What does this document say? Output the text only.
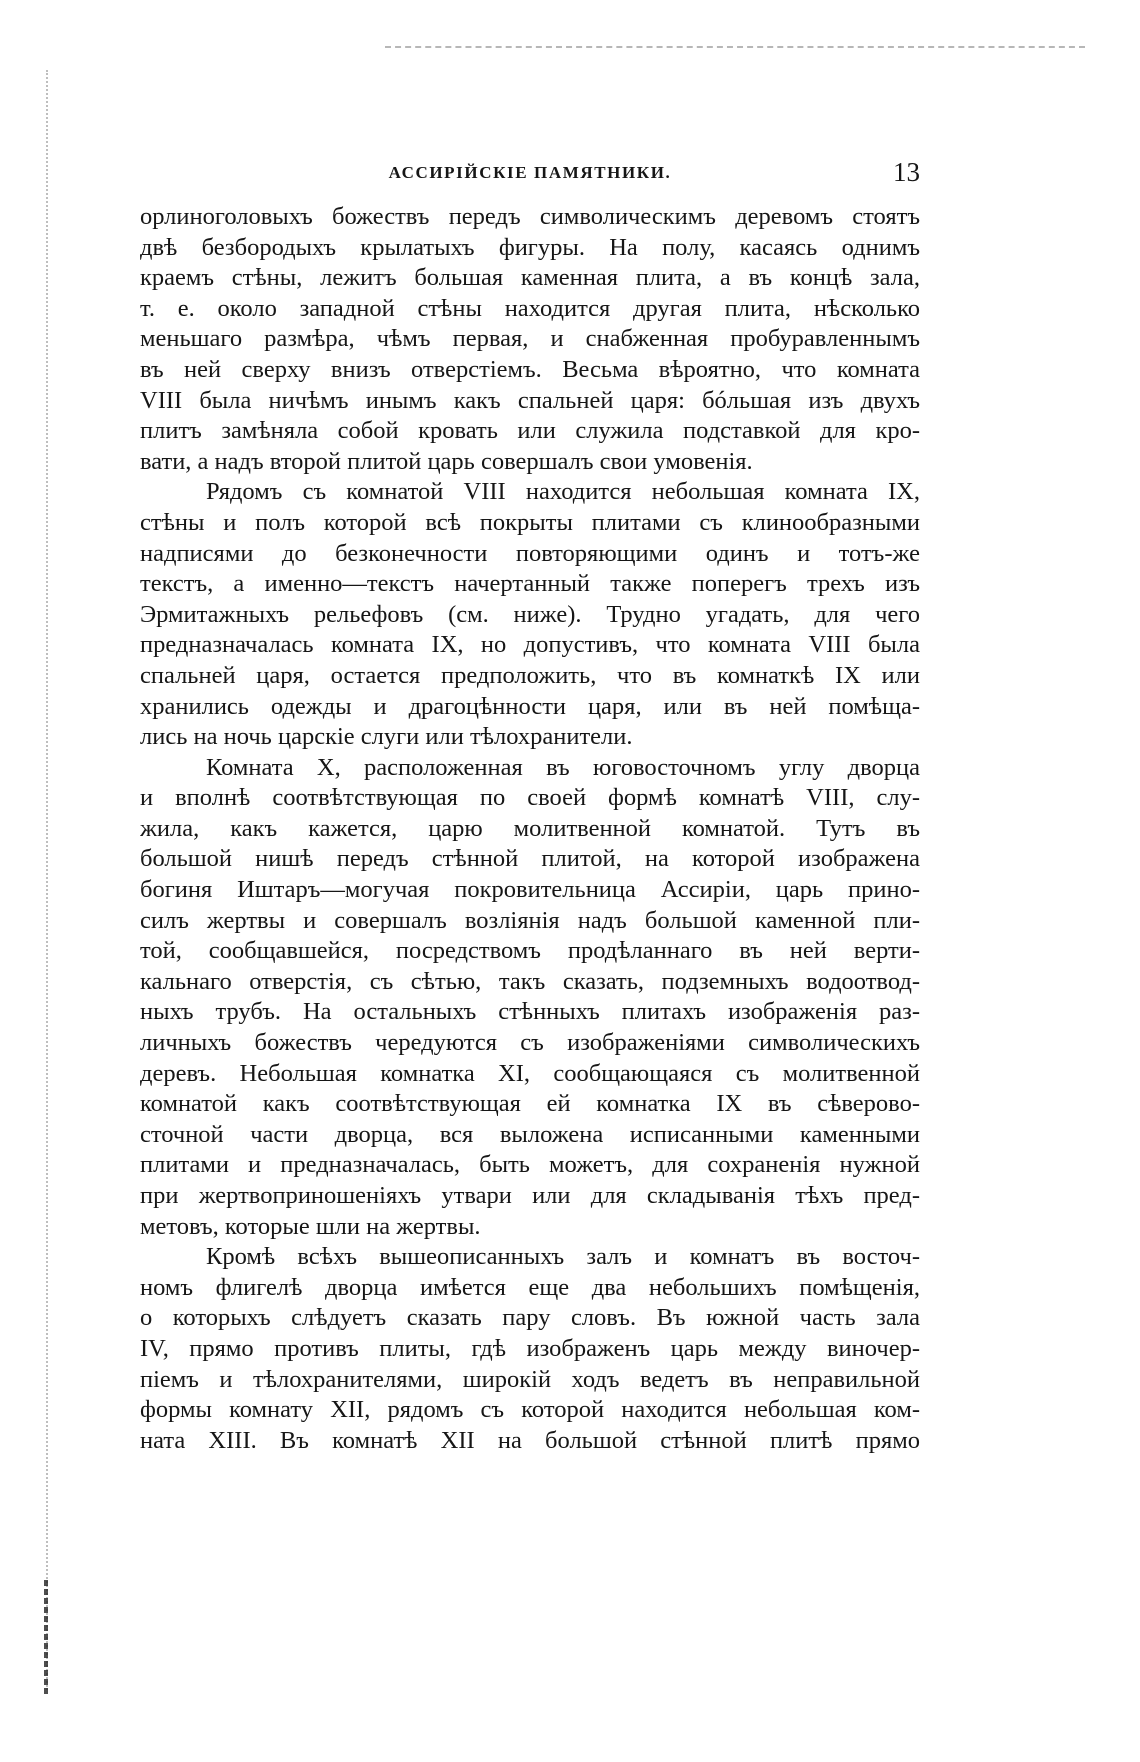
АССИРІЙСКІЕ ПАМЯТНИКИ.	13
орлиноголовыхъ божествъ передъ символическимъ деревомъ стоятъ
двѣ безбородыхъ крылатыхъ фигуры. На полу, касаясь однимъ
краемъ стѣны, лежитъ большая каменная плита, а въ концѣ зала,
т. е. около западной стѣны находится другая плита, нѣсколько
меньшаго размѣра, чѣмъ первая, и снабженная пробуравленнымъ
въ ней сверху внизъ отверстіемъ. Весьма вѣроятно, что комната
VIII была ничѣмъ инымъ какъ спальней царя: бóльшая изъ двухъ
плитъ замѣняла собой кровать или служила подставкой для кро-
вати, а надъ второй плитой царь совершалъ свои умовенія.
Рядомъ съ комнатой VIII находится небольшая комната IX,
стѣны и полъ которой всѣ покрыты плитами съ клинообразными
надписями до безконечности повторяющими одинъ и тотъ-же
текстъ, а именно—текстъ начертанный также поперегъ трехъ изъ
Эрмитажныхъ рельефовъ (см. ниже). Трудно угадать, для чего
предназначалась комната IX, но допустивъ, что комната VIII была
спальней царя, остается предположить, что въ комнаткѣ IX или
хранились одежды и драгоцѣнности царя, или въ ней помѣща-
лись на ночь царскіе слуги или тѣлохранители.
Комната X, расположенная въ юговосточномъ углу дворца
и вполнѣ соотвѣтствующая по своей формѣ комнатѣ VIII, слу-
жила, какъ кажется, царю молитвенной комнатой. Тутъ въ
большой нишѣ передъ стѣнной плитой, на которой изображена
богиня Иштаръ—могучая покровительница Ассиріи, царь прино-
силъ жертвы и совершалъ возліянія надъ большой каменной пли-
той, сообщавшейся, посредствомъ продѣланнаго въ ней верти-
кальнаго отверстія, съ сѣтью, такъ сказать, подземныхъ водоотвод-
ныхъ трубъ. На остальныхъ стѣнныхъ плитахъ изображенія раз-
личныхъ божествъ чередуются съ изображеніями символическихъ
деревъ. Небольшая комнатка XI, сообщающаяся съ молитвенной
комнатой какъ соотвѣтствующая ей комнатка IX въ сѣверово-
сточной части дворца, вся выложена исписанными каменными
плитами и предназначалась, быть можетъ, для сохраненія нужной
при жертвоприношеніяхъ утвари или для складыванія тѣхъ пред-
метовъ, которые шли на жертвы.
Кромѣ всѣхъ вышеописанныхъ залъ и комнатъ въ восточ-
номъ флигелѣ дворца имѣется еще два небольшихъ помѣщенія,
о которыхъ слѣдуетъ сказать пару словъ. Въ южной часть зала
IV, прямо противъ плиты, гдѣ изображенъ царь между виночер-
піемъ и тѣлохранителями, широкій ходъ ведетъ въ неправильной
формы комнату XII, рядомъ съ которой находится небольшая ком-
ната XIII. Въ комнатѣ XII на большой стѣнной плитѣ прямо
